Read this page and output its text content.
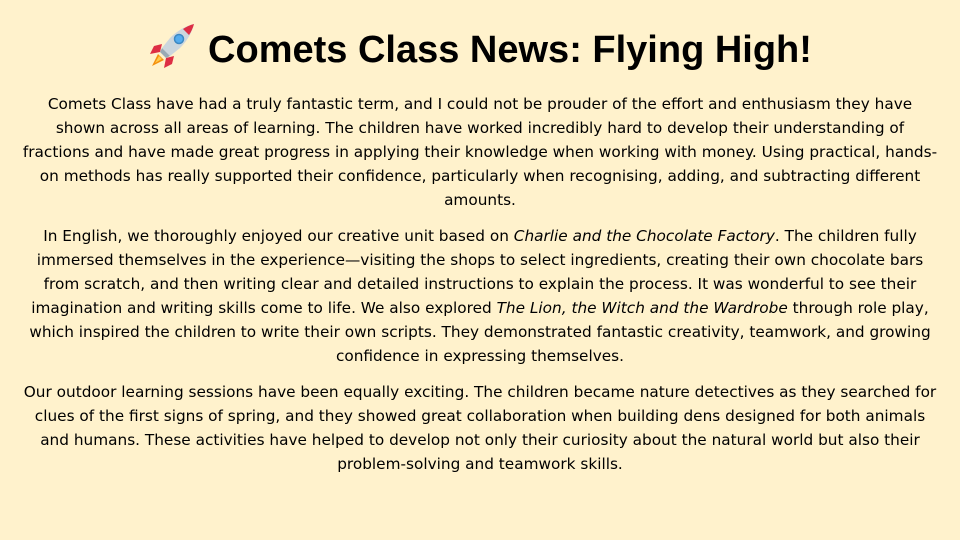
Comets Class News: Flying High!

Comets Class have had a truly fantastic term, and I could not be prouder of the effort and enthusiasm they have shown across all areas of learning. The children have worked incredibly hard to develop their understanding of fractions and have made great progress in applying their knowledge when working with money. Using practical, hands-on methods has really supported their confidence, particularly when recognising, adding, and subtracting different amounts.

In English, we thoroughly enjoyed our creative unit based on Charlie and the Chocolate Factory. The children fully immersed themselves in the experience—visiting the shops to select ingredients, creating their own chocolate bars from scratch, and then writing clear and detailed instructions to explain the process. It was wonderful to see their imagination and writing skills come to life. We also explored The Lion, the Witch and the Wardrobe through role play, which inspired the children to write their own scripts. They demonstrated fantastic creativity, teamwork, and growing confidence in expressing themselves.

Our outdoor learning sessions have been equally exciting. The children became nature detectives as they searched for clues of the first signs of spring, and they showed great collaboration when building dens designed for both animals and humans. These activities have helped to develop not only their curiosity about the natural world but also their problem-solving and teamwork skills.
